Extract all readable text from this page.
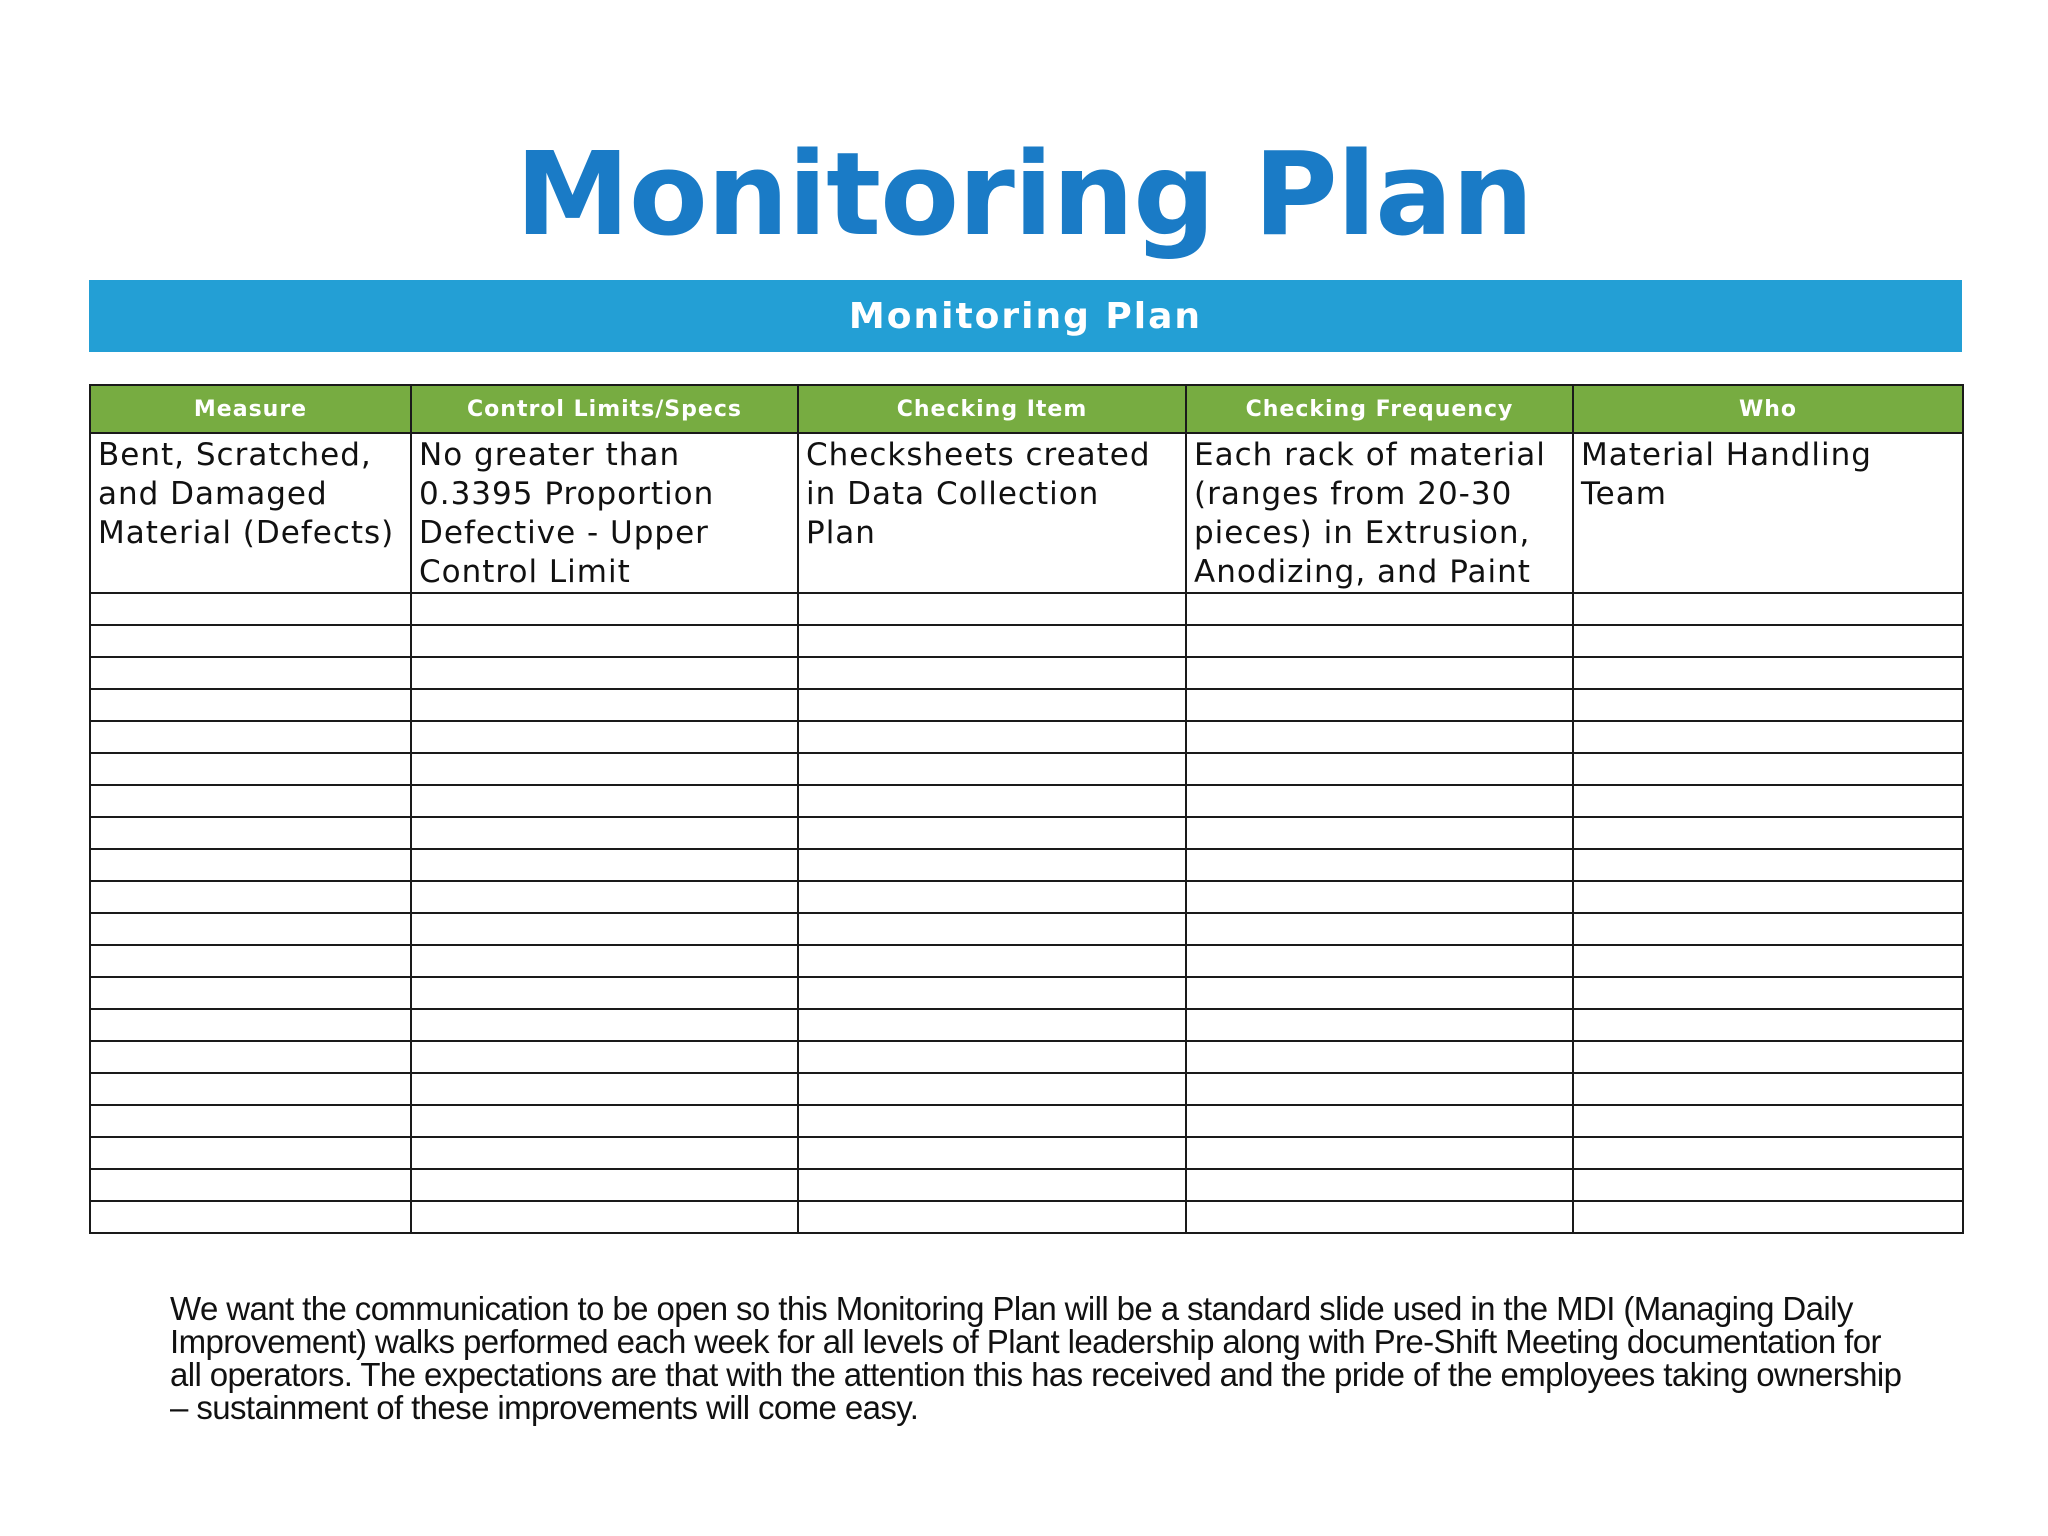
Monitoring Plan
Monitoring Plan
Measure	Control Limits/Specs	Checking Item	Checking Frequency	Who
Bent, Scratched, and Damaged Material (Defects)	No greater than 0.3395 Proportion Defective - Upper Control Limit	Checksheets created in Data Collection Plan	Each rack of material (ranges from 20-30 pieces) in Extrusion, Anodizing, and Paint	Material Handling Team

We want the communication to be open so this Monitoring Plan will be a standard slide used in the MDI (Managing Daily Improvement) walks performed each week for all levels of Plant leadership along with Pre-Shift Meeting documentation for all operators. The expectations are that with the attention this has received and the pride of the employees taking ownership – sustainment of these improvements will come easy.
